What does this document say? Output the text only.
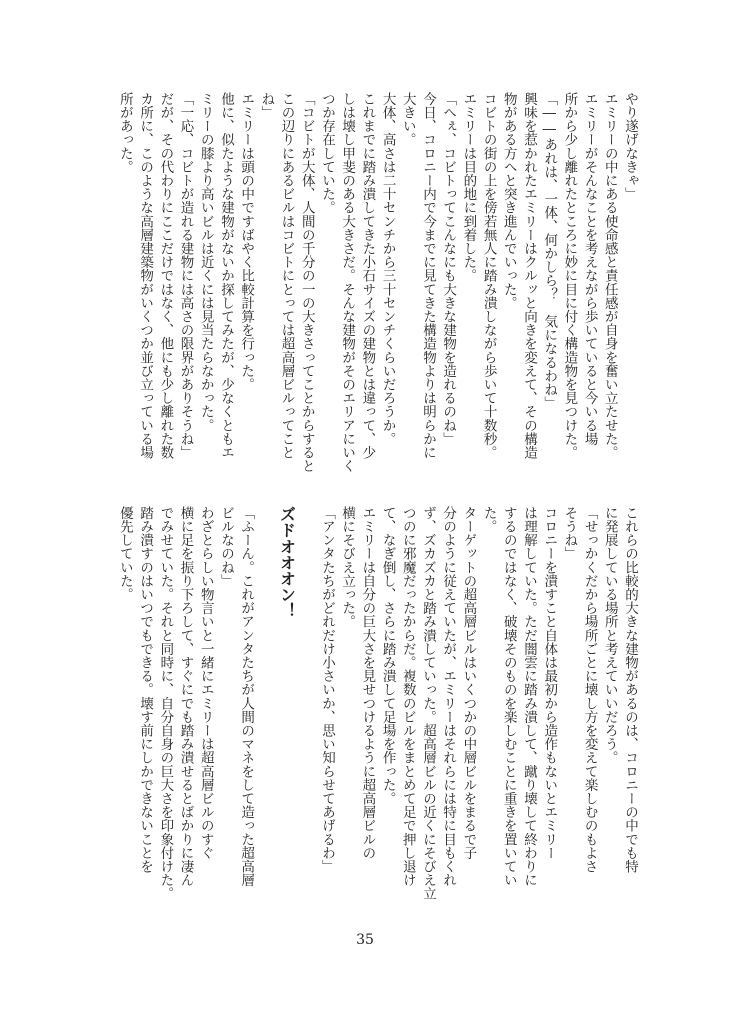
やり遂げなきゃ」
エミリーの中にある使命感と責任感が自身を奮い立たせた。
エミリーがそんなことを考えながら歩いていると今いる場
所から少し離れたところに妙に目に付く構造物を見つけた。
「――あれは、一体、何かしら？　気になるわね」
興味を惹かれたエミリーはクルッと向きを変えて、その構造
物がある方へと突き進んでいった。
コビトの街の上を傍若無人に踏み潰しながら歩いて十数秒。
エミリーは目的地に到着した。
「へぇ、コビトってこんなにも大きな建物を造れるのね」
今日、コロニー内で今までに見てきた構造物よりは明らかに
大きい。
大体、高さは二十センチから三十センチくらいだろうか。
これまでに踏み潰してきた小石サイズの建物とは違って、少
しは壊し甲斐のある大きさだ。そんな建物がそのエリアにいく
つか存在していた。
「コビトが大体、人間の千分の一の大きさってことからすると
この辺りにあるビルはコビトにとっては超高層ビルってこと
ね」
エミリーは頭の中ですばやく比較計算を行った。
他に、似たような建物がないか探してみたが、少なくともエ
ミリーの膝より高いビルは近くには見当たらなかった。
「一応、コビトが造れる建物には高さの限界がありそうね」
だが、その代わりにここだけではなく、他にも少し離れた数
カ所に、このような高層建築物がいくつか並び立っている場
所があった。
これらの比較的大きな建物があるのは、コロニーの中でも特
に発展している場所と考えていいだろう。
「せっかくだから場所ごとに壊し方を変えて楽しむのもよさ
そうね」
コロニーを潰すこと自体は最初から造作もないとエミリー
は理解していた。ただ闇雲に踏み潰して、蹴り壊して終わりに
するのではなく、破壊そのものを楽しむことに重きを置いてい
た。
ターゲットの超高層ビルはいくつかの中層ビルをまるで子
分のように従えていたが、エミリーはそれらには特に目もくれ
ず、ズカズカと踏み潰していった。超高層ビルの近くにそびえ立
つのに邪魔だったからだ。複数のビルをまとめて足で押し退け
て、なぎ倒し、さらに踏み潰して足場を作った。
エミリーは自分の巨大さを見せつけるように超高層ビルの
横にそびえ立った。
「アンタたちがどれだけ小さいか、思い知らせてあげるわ」
ズドオオオン！
「ふーん。これがアンタたちが人間のマネをして造った超高層
ビルなのね」
わざとらしい物言いと一緒にエミリーは超高層ビルのすぐ
横に足を振り下ろして、すぐにでも踏み潰せるとばかりに凄ん
でみせていた。それと同時に、自分自身の巨大さを印象付けた。
踏み潰すのはいつでもできる。壊す前にしかできないことを
優先していた。
35
